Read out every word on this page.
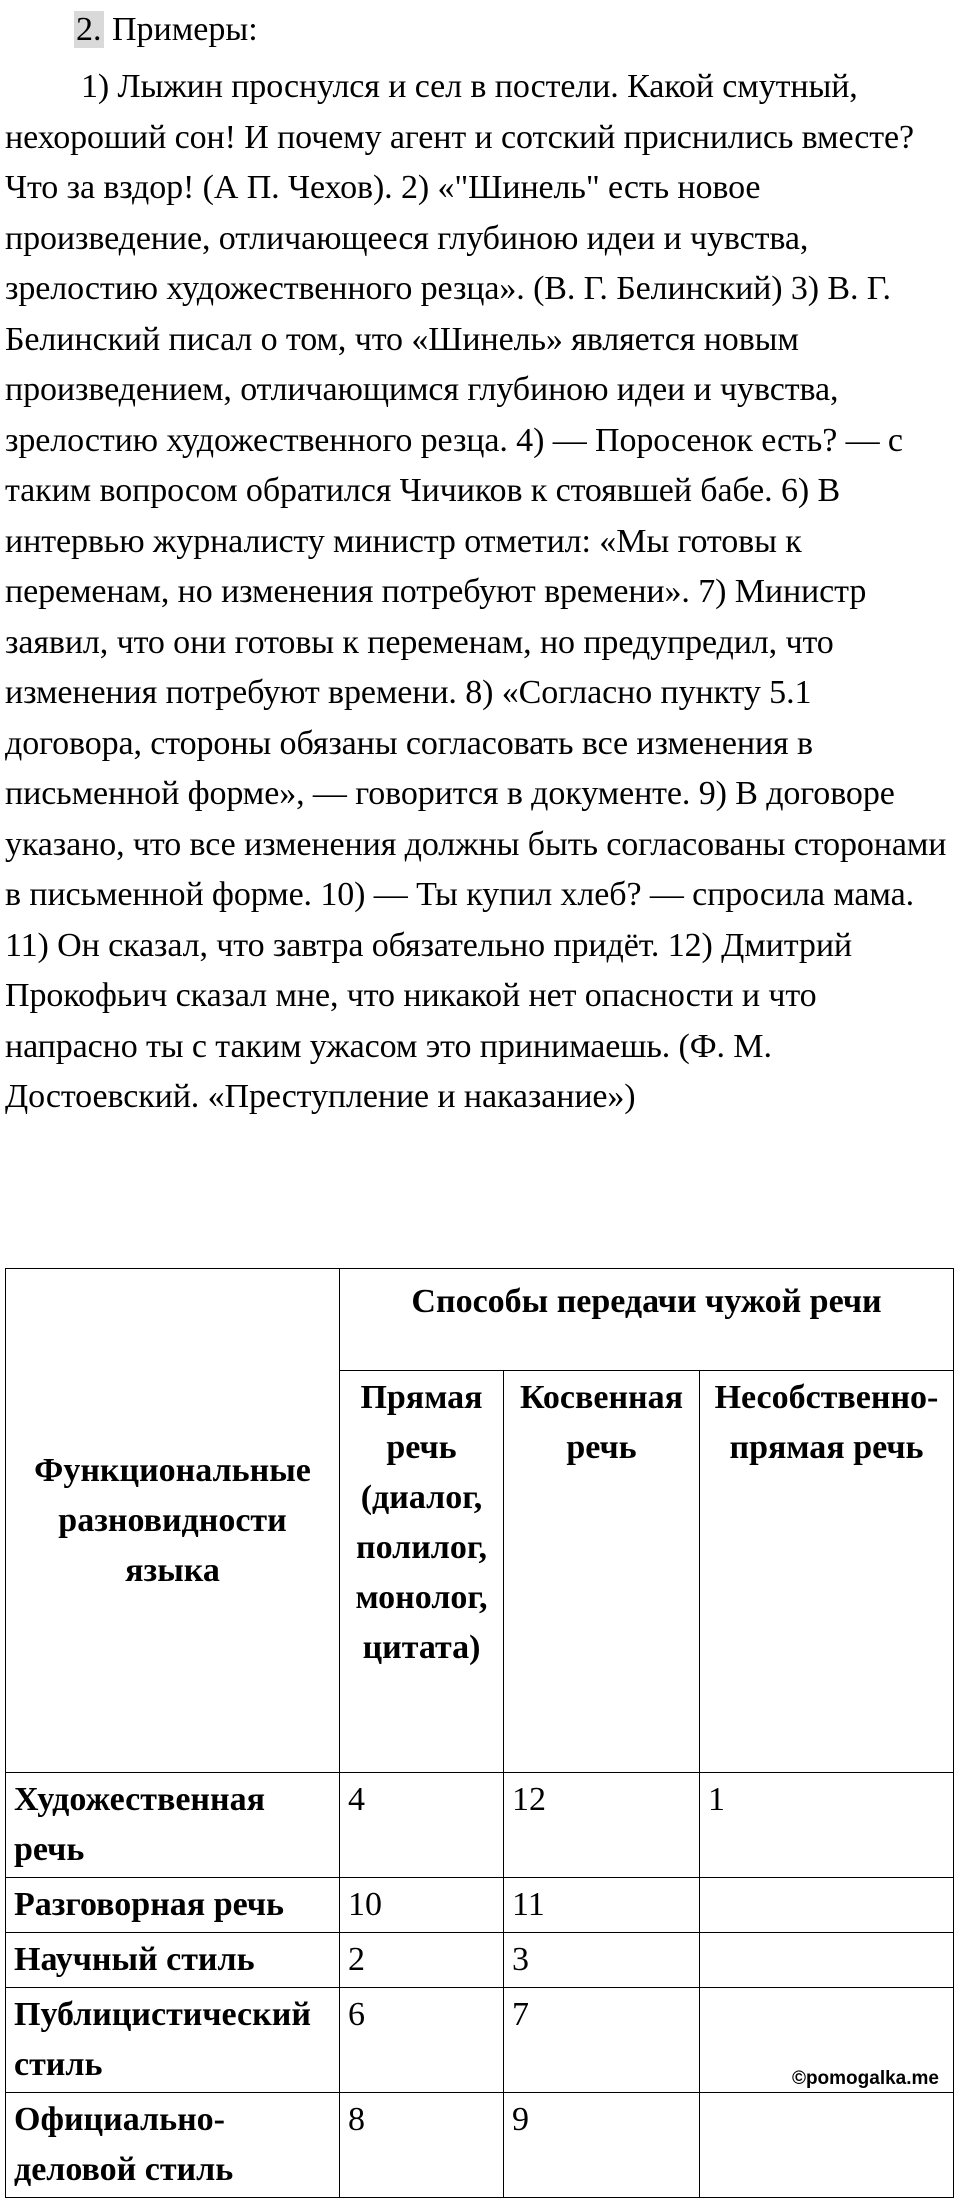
2. Примеры:

1) Лыжин проснулся и сел в постели. Какой смутный, нехороший сон! И почему агент и сотский приснились вместе? Что за вздор! (А П. Чехов). 2) «"Шинель" есть новое произведение, отличающееся глубиною идеи и чувства, зрелостию художественного резца». (В. Г. Белинский) 3) В. Г. Белинский писал о том, что «Шинель» является новым произведением, отличающимся глубиною идеи и чувства, зрелостию художественного резца. 4) — Поросенок есть? — с таким вопросом обратился Чичиков к стоявшей бабе. 6) В интервью журналисту министр отметил: «Мы готовы к переменам, но изменения потребуют времени». 7) Министр заявил, что они готовы к переменам, но предупредил, что изменения потребуют времени. 8) «Согласно пункту 5.1 договора, стороны обязаны согласовать все изменения в письменной форме», — говорится в документе. 9) В договоре указано, что все изменения должны быть согласованы сторонами в письменной форме. 10) — Ты купил хлеб? — спросила мама. 11) Он сказал, что завтра обязательно придёт. 12) Дмитрий Прокофьич сказал мне, что никакой нет опасности и что напрасно ты с таким ужасом это принимаешь. (Ф. М. Достоевский. «Преступление и наказание»)

Функциональные разновидности языка	Способы передачи чужой речи		
	Прямая речь (диалог, полилог, монолог, цитата)	Косвенная речь	Несобственно-прямая речь
Художественная речь	4	12	1
Разговорная речь	10	11	
Научный стиль	2	3	
Публицистический стиль	6	7	©pomogalka.me

Официально-деловой стиль	8	9	
